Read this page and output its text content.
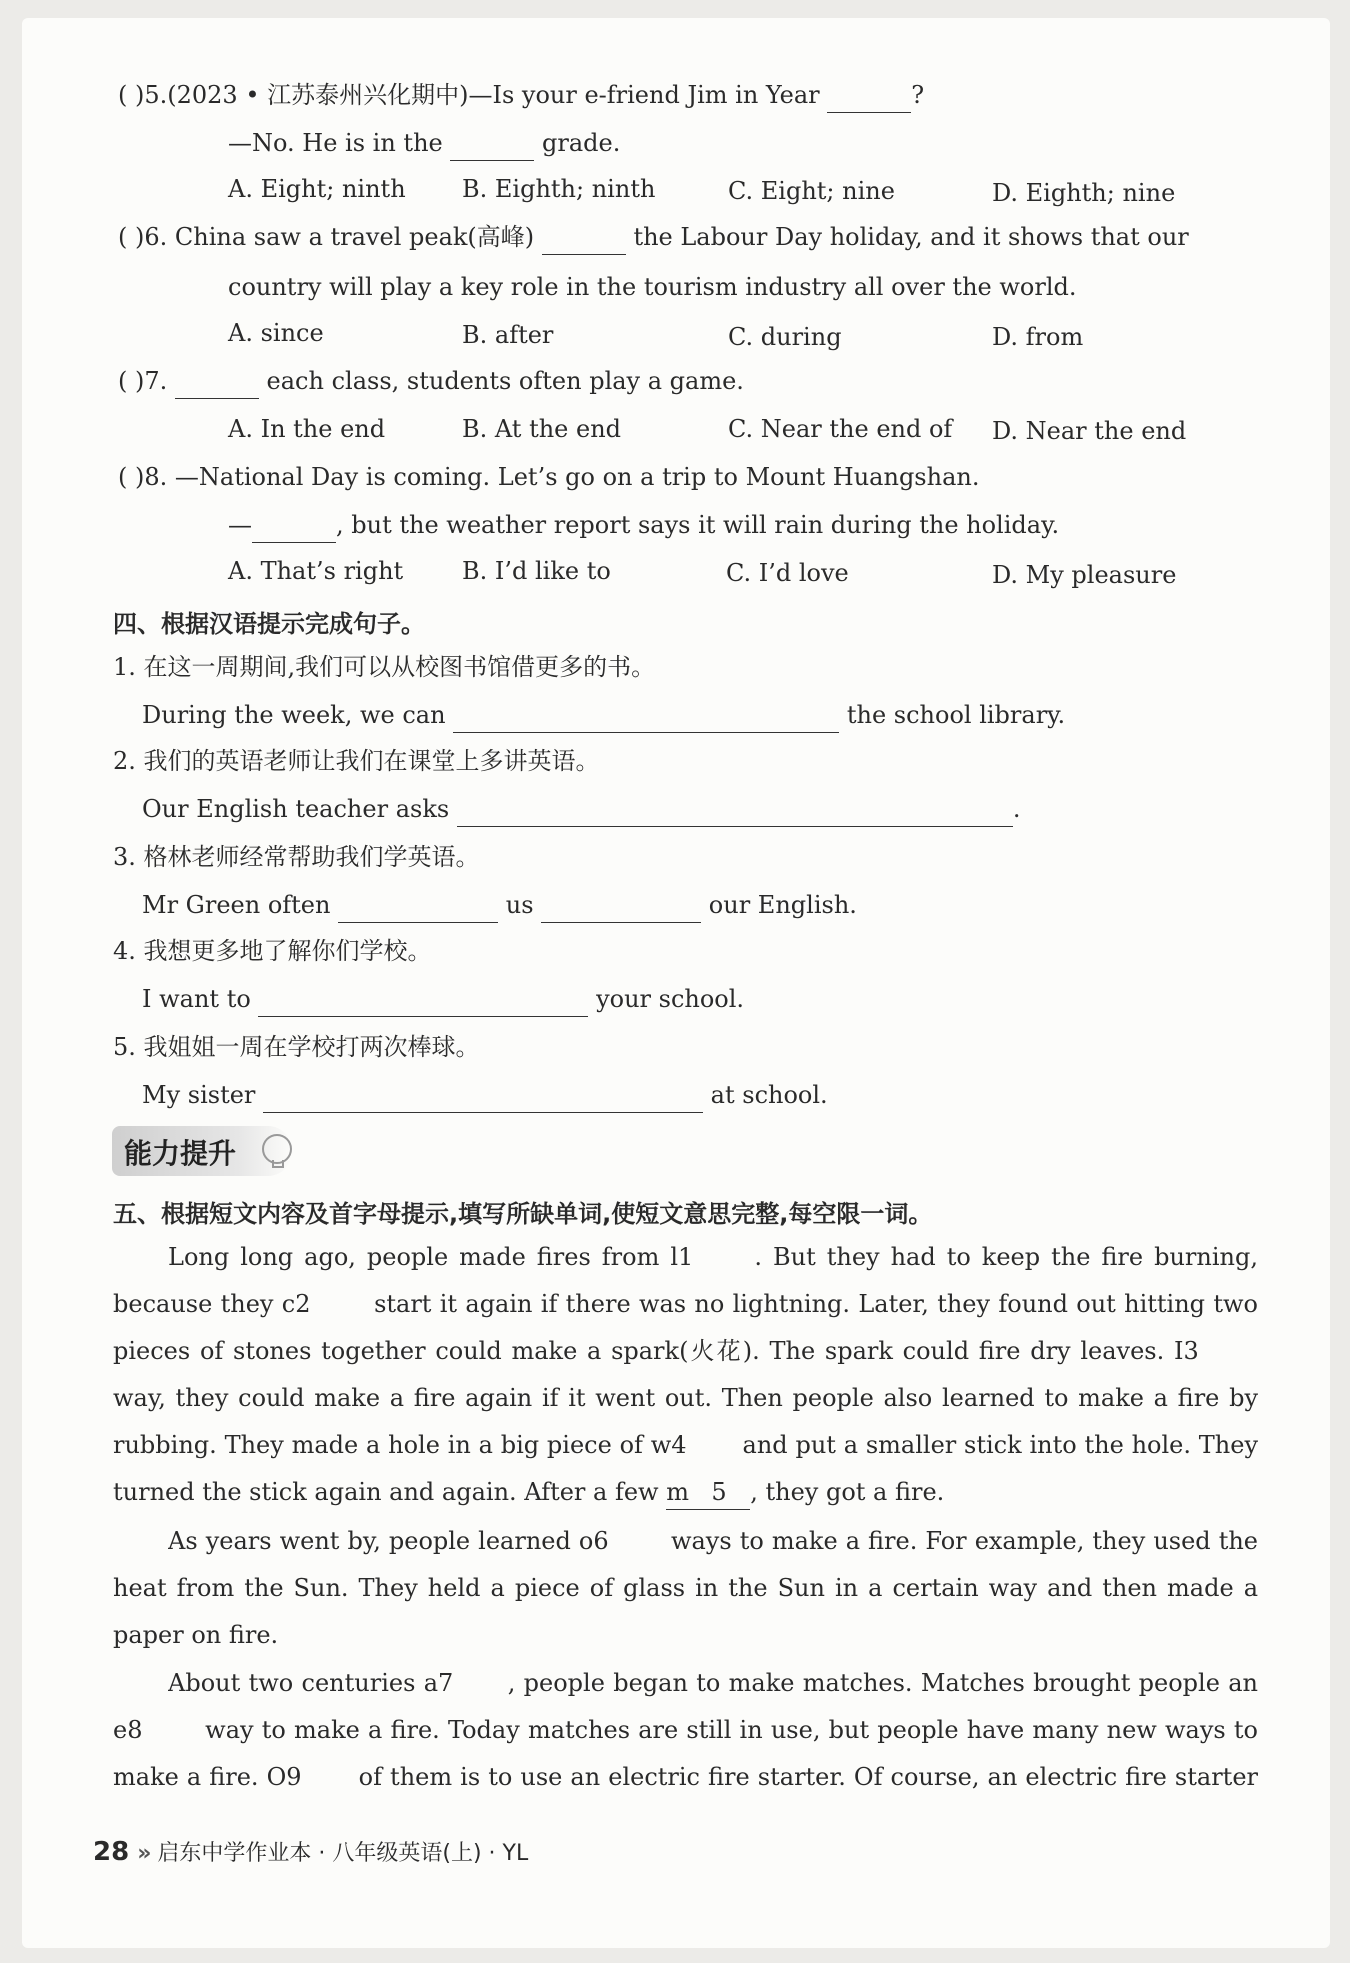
( )5.(2023 • 江苏泰州兴化期中)—Is your e-friend Jim in Year	?
—No. He is in the	grade.
A. Eight; ninth B. Eighth; ninth	C. Eight; nine	D. Eighth; nine
( )6. China saw a travel peak(高峰)	the Labour Day holiday, and it shows that our
country will play a key role in the tourism industry all over the world.
A. since	B. after	C. during	D. from
( )7.	each class, students often play a game.
A. In the end	B. At the end	C. Near the end of D. Near the end
( )8. —National Day is coming. Let’s go on a trip to Mount Huangshan.
—	, but the weather report says it will rain during the holiday.
A. That’s right B. I’d like to	C. I’d love	D. My pleasure
四、根据汉语提示完成句子。
1. 在这一周期间,我们可以从校图书馆借更多的书。
During the week, we can	the school library.
2. 我们的英语老师让我们在课堂上多讲英语。
Our English teacher asks	.
3. 格林老师经常帮助我们学英语。
Mr Green often	us	our English.
4. 我想更多地了解你们学校。
I want to	your school.
5. 我姐姐一周在学校打两次棒球。
My sister	at school.
能力提升
五、根据短文内容及首字母提示,填写所缺单词,使短文意思完整,每空限一词。
Long long ago, people made fires from l1	. But they had to keep the fire burning,
because they c2 start it again if there was no lightning. Later, they found out hitting two
pieces of stones together could make a spark(火花). The spark could fire dry leaves. I3
way, they could make a fire again if it went out. Then people also learned to make a fire by
rubbing. They made a hole in a big piece of w4 and put a smaller stick into the hole. They
turned the stick again and again. After a few m 5 , they got a fire.
As years went by, people learned o6 ways to make a fire. For example, they used the
heat from the Sun. They held a piece of glass in the Sun in a certain way and then made a
paper on fire.
About two centuries a7 , people began to make matches. Matches brought people an
e8 way to make a fire. Today matches are still in use, but people have many new ways to
make a fire. O9 of them is to use an electric fire starter. Of course, an electric fire starter
28 » 启东中学作业本 · 八年级英语(上) · YL
